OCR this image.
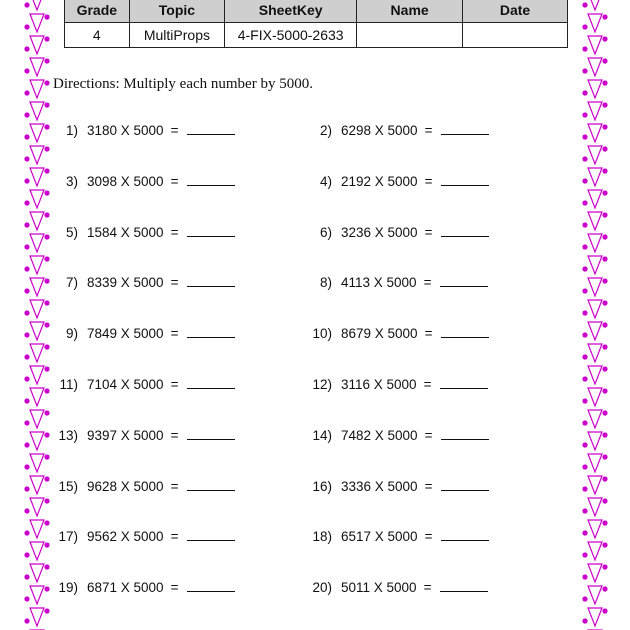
Grade	Topic	SheetKey	Name	Date
4	MultiProps	4-FIX-5000-2633		
Directions: Multiply each number by 5000.
1) 3180 X 5000 =	2) 6298 X 5000 =
3) 3098 X 5000 =	4) 2192 X 5000 =
5) 1584 X 5000 =	6) 3236 X 5000 =
7) 8339 X 5000 =	8) 4113 X 5000 =
9) 7849 X 5000 =	10) 8679 X 5000 =
11) 7104 X 5000 =	12) 3116 X 5000 =
13) 9397 X 5000 =	14) 7482 X 5000 =
15) 9628 X 5000 =	16) 3336 X 5000 =
17) 9562 X 5000 =	18) 6517 X 5000 =
19) 6871 X 5000 =	20) 5011 X 5000 =
